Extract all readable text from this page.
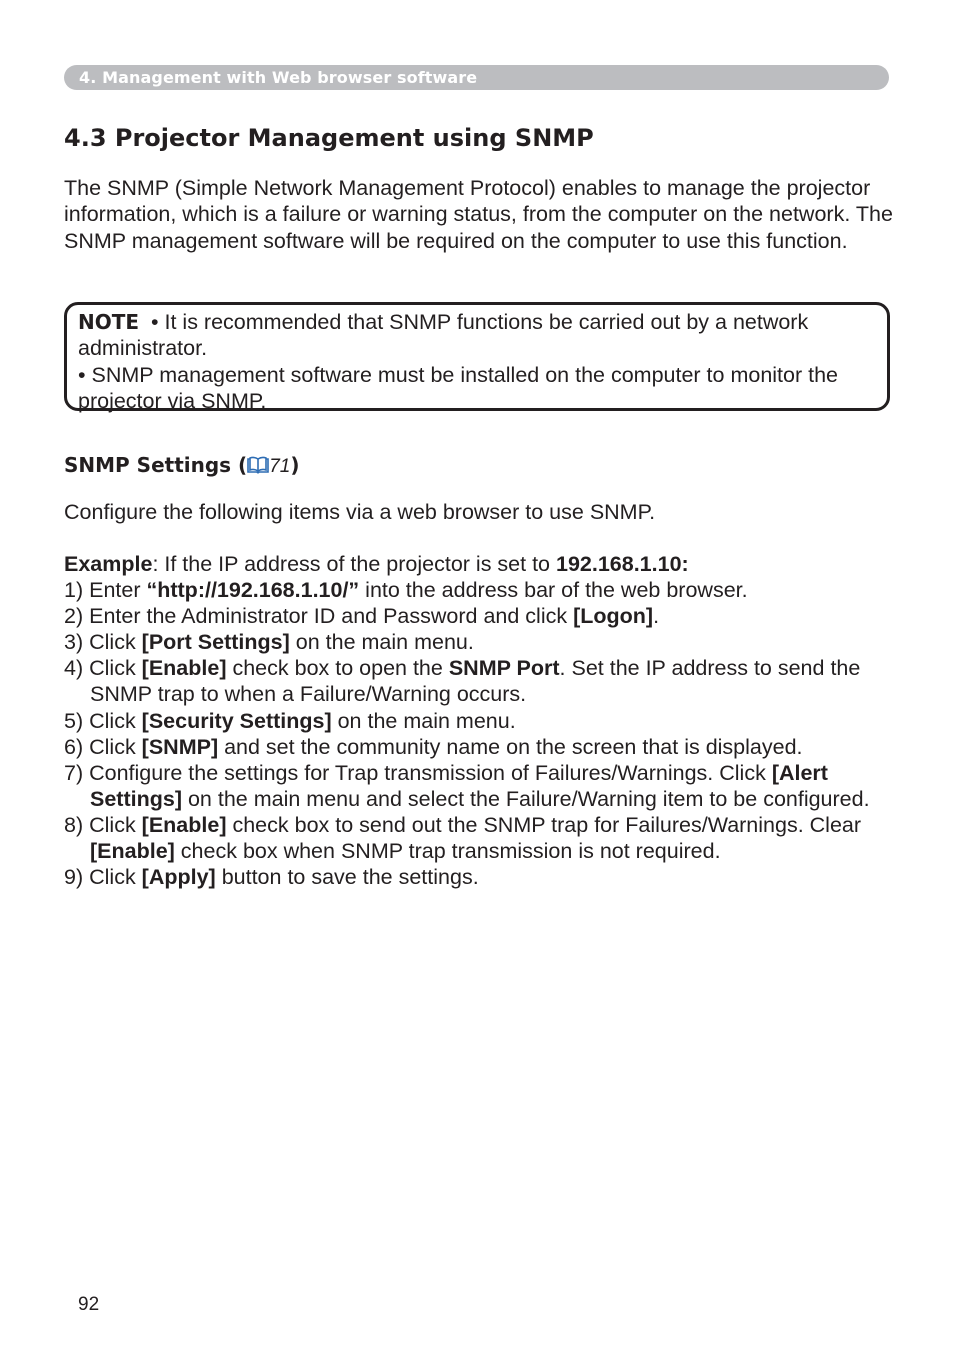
4. Management with Web browser software
4.3 Projector Management using SNMP

The SNMP (Simple Network Management Protocol) enables to manage the projector information, which is a failure or warning status, from the computer on the network. The SNMP management software will be required on the computer to use this function.

NOTE • It is recommended that SNMP functions be carried out by a network administrator.
• SNMP management software must be installed on the computer to monitor the projector via SNMP.
SNMP Settings ( 71)

Configure the following items via a web browser to use SNMP.

Example: If the IP address of the projector is set to 192.168.1.10:

1) Enter “http://192.168.1.10/” into the address bar of the web browser.
2) Enter the Administrator ID and Password and click [Logon].
3) Click [Port Settings] on the main menu.
4) Click [Enable] check box to open the SNMP Port. Set the IP address to send the SNMP trap to when a Failure/Warning occurs.
5) Click [Security Settings] on the main menu.
6) Click [SNMP] and set the community name on the screen that is displayed.
7) Configure the settings for Trap transmission of Failures/Warnings. Click [Alert Settings] on the main menu and select the Failure/Warning item to be configured.
8) Click [Enable] check box to send out the SNMP trap for Failures/Warnings. Clear [Enable] check box when SNMP trap transmission is not required.
9) Click [Apply] button to save the settings.
92
